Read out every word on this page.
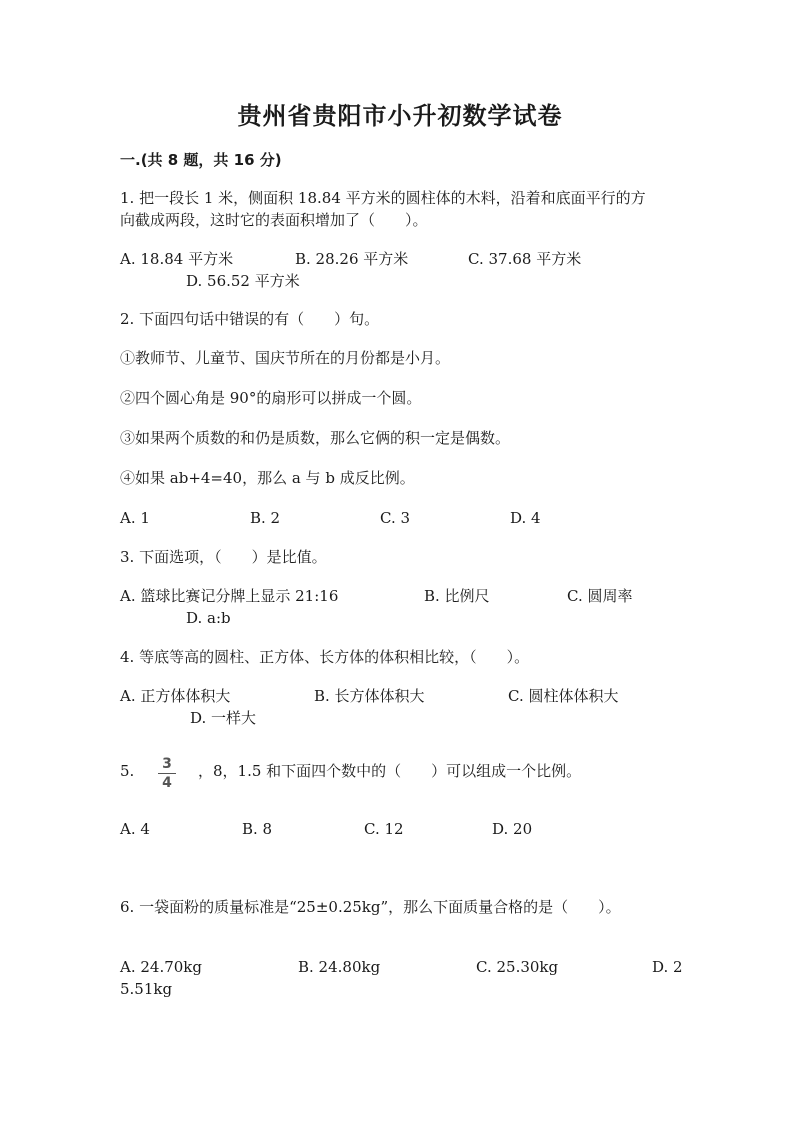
贵州省贵阳市小升初数学试卷
一.(共 8 题，共 16 分)
1. 把一段长 1 米，侧面积 18.84 平方米的圆柱体的木料，沿着和底面平行的方
向截成两段，这时它的表面积增加了（　　）。
A. 18.84 平方米	B. 28.26 平方米	C. 37.68 平方米
D. 56.52 平方米
2. 下面四句话中错误的有（　　）句。
①教师节、儿童节、国庆节所在的月份都是小月。
②四个圆心角是 90°的扇形可以拼成一个圆。
③如果两个质数的和仍是质数，那么它俩的积一定是偶数。
④如果 ab+4=40，那么 a 与 b 成反比例。
A. 1	B. 2	C. 3	D. 4
3. 下面选项，（　　）是比值。
A. 篮球比赛记分牌上显示 21:16	B. 比例尺	C. 圆周率
D. a:b
4. 等底等高的圆柱、正方体、长方体的体积相比较，（　　）。
A. 正方体体积大	B. 长方体体积大	C. 圆柱体体积大
D. 一样大
5. 3
4
，8，1.5 和下面四个数中的（　　）可以组成一个比例。
A. 4	B. 8	C. 12	D. 20
6. 一袋面粉的质量标准是“25±0.25kg”，那么下面质量合格的是（　　）。
A. 24.70kg	B. 24.80kg	C. 25.30kg	D. 2
5.51kg
